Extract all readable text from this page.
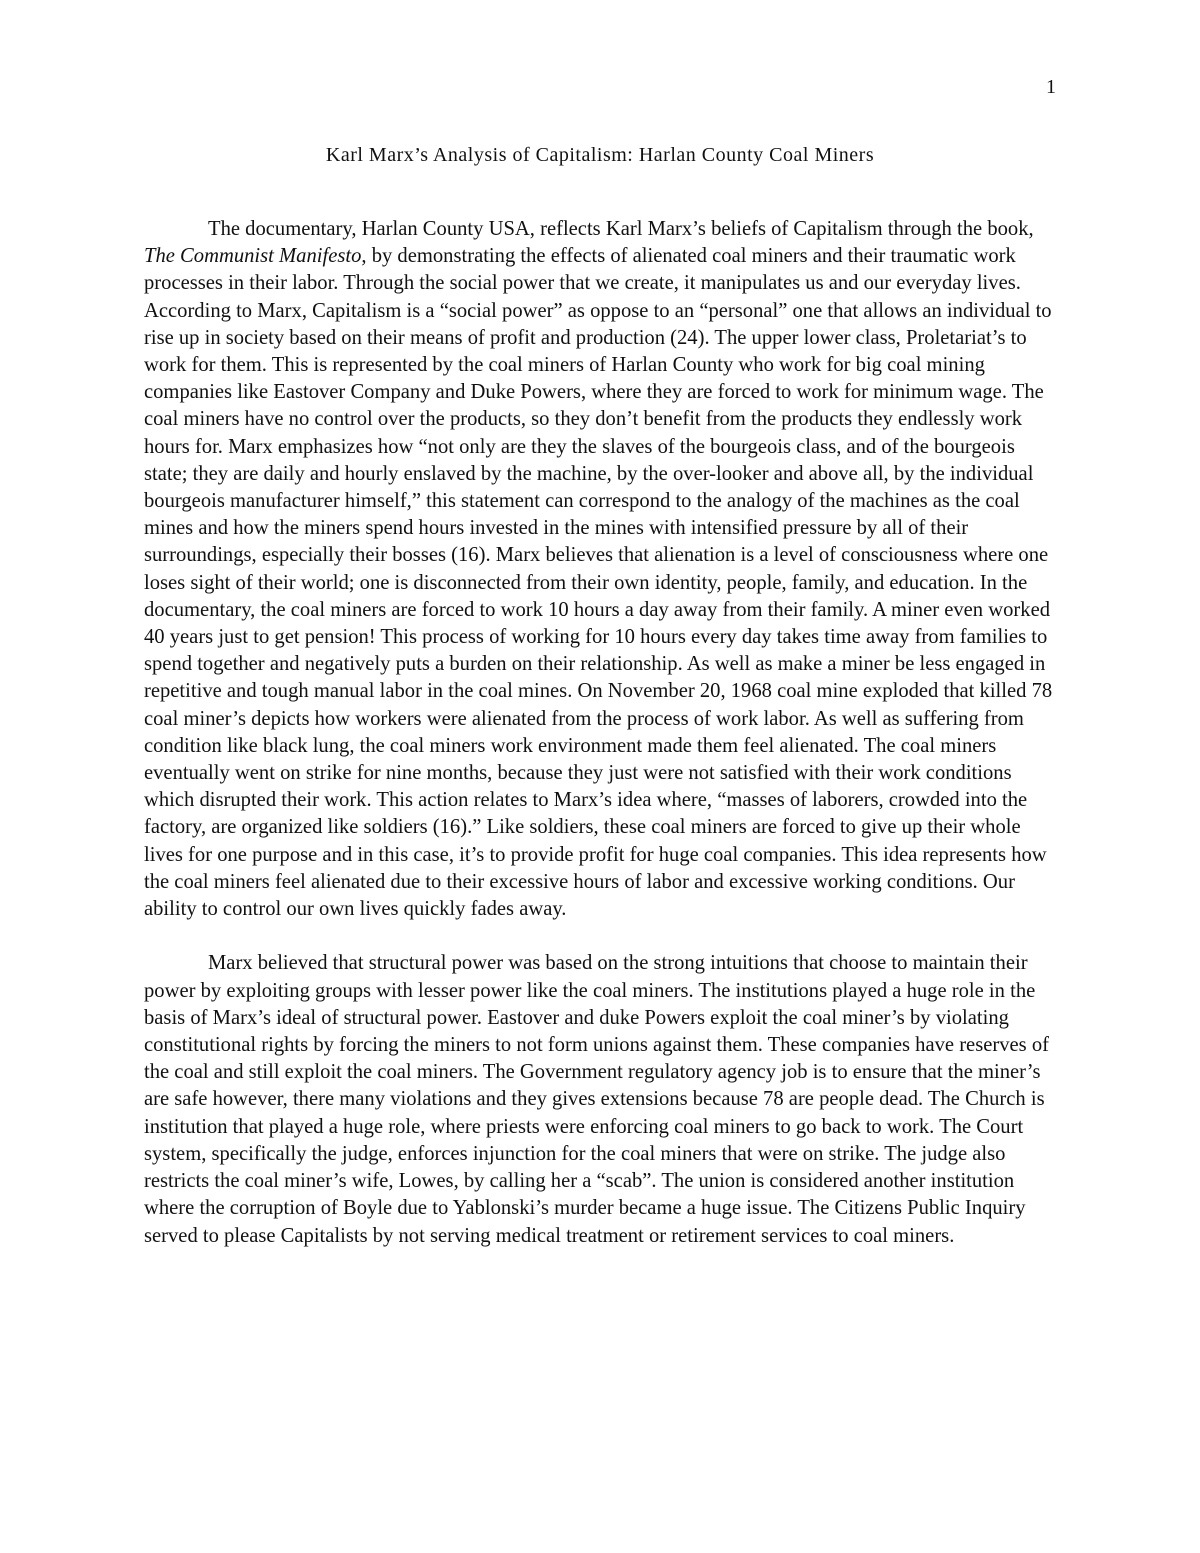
1
Karl Marx’s Analysis of Capitalism: Harlan County Coal Miners

The documentary, Harlan County USA, reflects Karl Marx’s beliefs of Capitalism through the book, The Communist Manifesto, by demonstrating the effects of alienated coal miners and their traumatic work processes in their labor. Through the social power that we create, it manipulates us and our everyday lives. According to Marx, Capitalism is a “social power” as oppose to an “personal” one that allows an individual to rise up in society based on their means of profit and production (24). The upper lower class, Proletariat’s to work for them. This is represented by the coal miners of Harlan County who work for big coal mining companies like Eastover Company and Duke Powers, where they are forced to work for minimum wage. The coal miners have no control over the products, so they don’t benefit from the products they endlessly work hours for. Marx emphasizes how “not only are they the slaves of the bourgeois class, and of the bourgeois state; they are daily and hourly enslaved by the machine, by the over-looker and above all, by the individual bourgeois manufacturer himself,” this statement can correspond to the analogy of the machines as the coal mines and how the miners spend hours invested in the mines with intensified pressure by all of their surroundings, especially their bosses (16). Marx believes that alienation is a level of consciousness where one loses sight of their world; one is disconnected from their own identity, people, family, and education. In the documentary, the coal miners are forced to work 10 hours a day away from their family. A miner even worked 40 years just to get pension! This process of working for 10 hours every day takes time away from families to spend together and negatively puts a burden on their relationship. As well as make a miner be less engaged in repetitive and tough manual labor in the coal mines. On November 20, 1968 coal mine exploded that killed 78 coal miner’s depicts how workers were alienated from the process of work labor. As well as suffering from condition like black lung, the coal miners work environment made them feel alienated. The coal miners eventually went on strike for nine months, because they just were not satisfied with their work conditions which disrupted their work. This action relates to Marx’s idea where, “masses of laborers, crowded into the factory, are organized like soldiers (16).” Like soldiers, these coal miners are forced to give up their whole lives for one purpose and in this case, it’s to provide profit for huge coal companies. This idea represents how the coal miners feel alienated due to their excessive hours of labor and excessive working conditions. Our ability to control our own lives quickly fades away.

Marx believed that structural power was based on the strong intuitions that choose to maintain their power by exploiting groups with lesser power like the coal miners. The institutions played a huge role in the basis of Marx’s ideal of structural power. Eastover and duke Powers exploit the coal miner’s by violating constitutional rights by forcing the miners to not form unions against them. These companies have reserves of the coal and still exploit the coal miners. The Government regulatory agency job is to ensure that the miner’s are safe however, there many violations and they gives extensions because 78 are people dead. The Church is institution that played a huge role, where priests were enforcing coal miners to go back to work. The Court system, specifically the judge, enforces injunction for the coal miners that were on strike. The judge also restricts the coal miner’s wife, Lowes, by calling her a “scab”. The union is considered another institution where the corruption of Boyle due to Yablonski’s murder became a huge issue. The Citizens Public Inquiry served to please Capitalists by not serving medical treatment or retirement services to coal miners.
